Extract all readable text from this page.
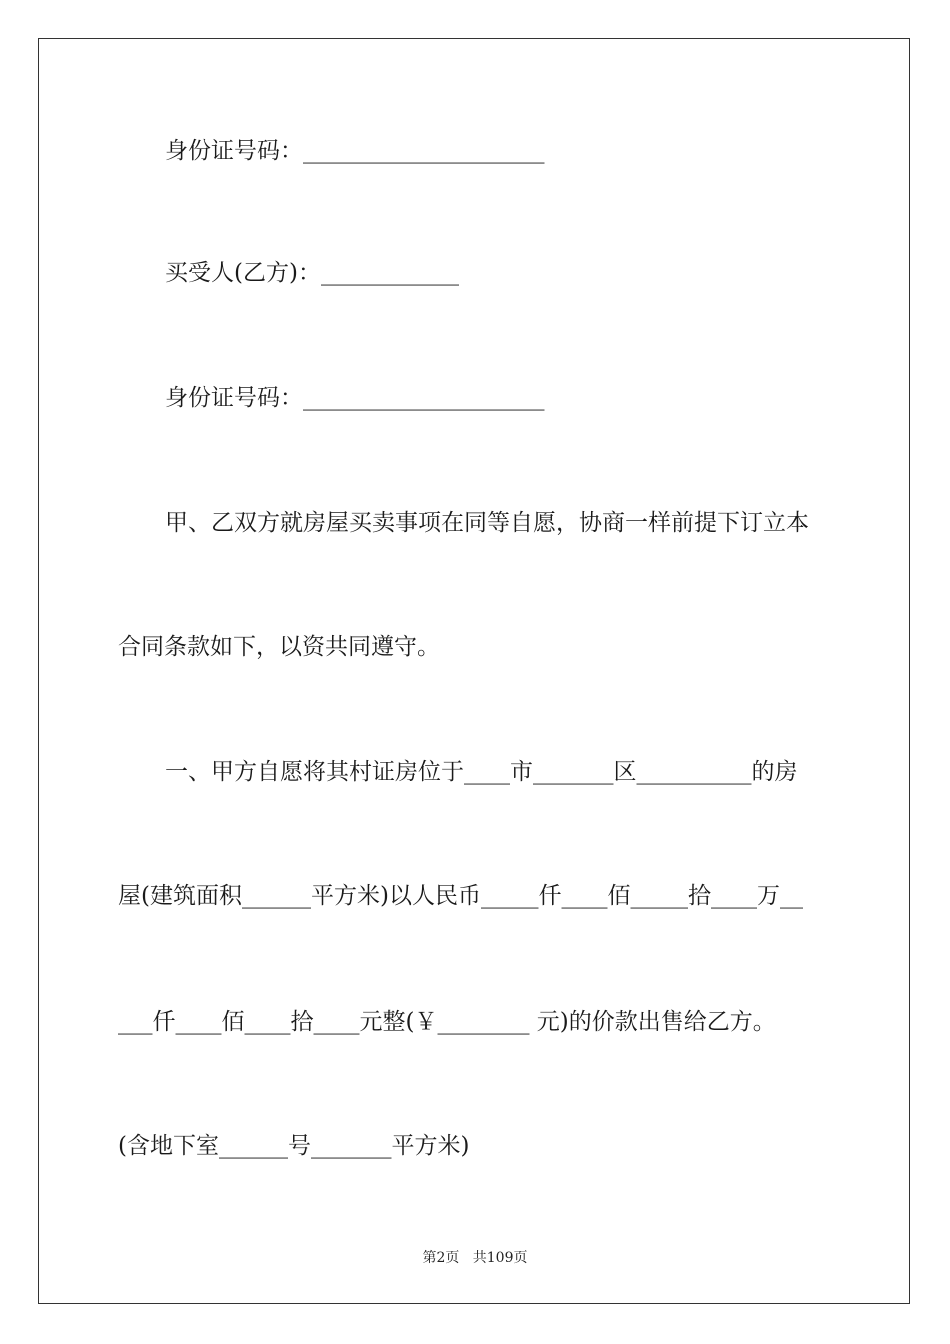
身份证号码：_____________________
买受人(乙方)：____________
身份证号码：_____________________
甲、乙双方就房屋买卖事项在同等自愿，协商一样前提下订立本
合同条款如下，以资共同遵守。
一、甲方自愿将其村证房位于____市_______区__________的房
屋(建筑面积______平方米)以人民币_____仟____佰_____拾____万__
___仟____佰____拾____元整(￥________ 元)的价款出售给乙方。
(含地下室______号_______平方米)
第2页   共109页
